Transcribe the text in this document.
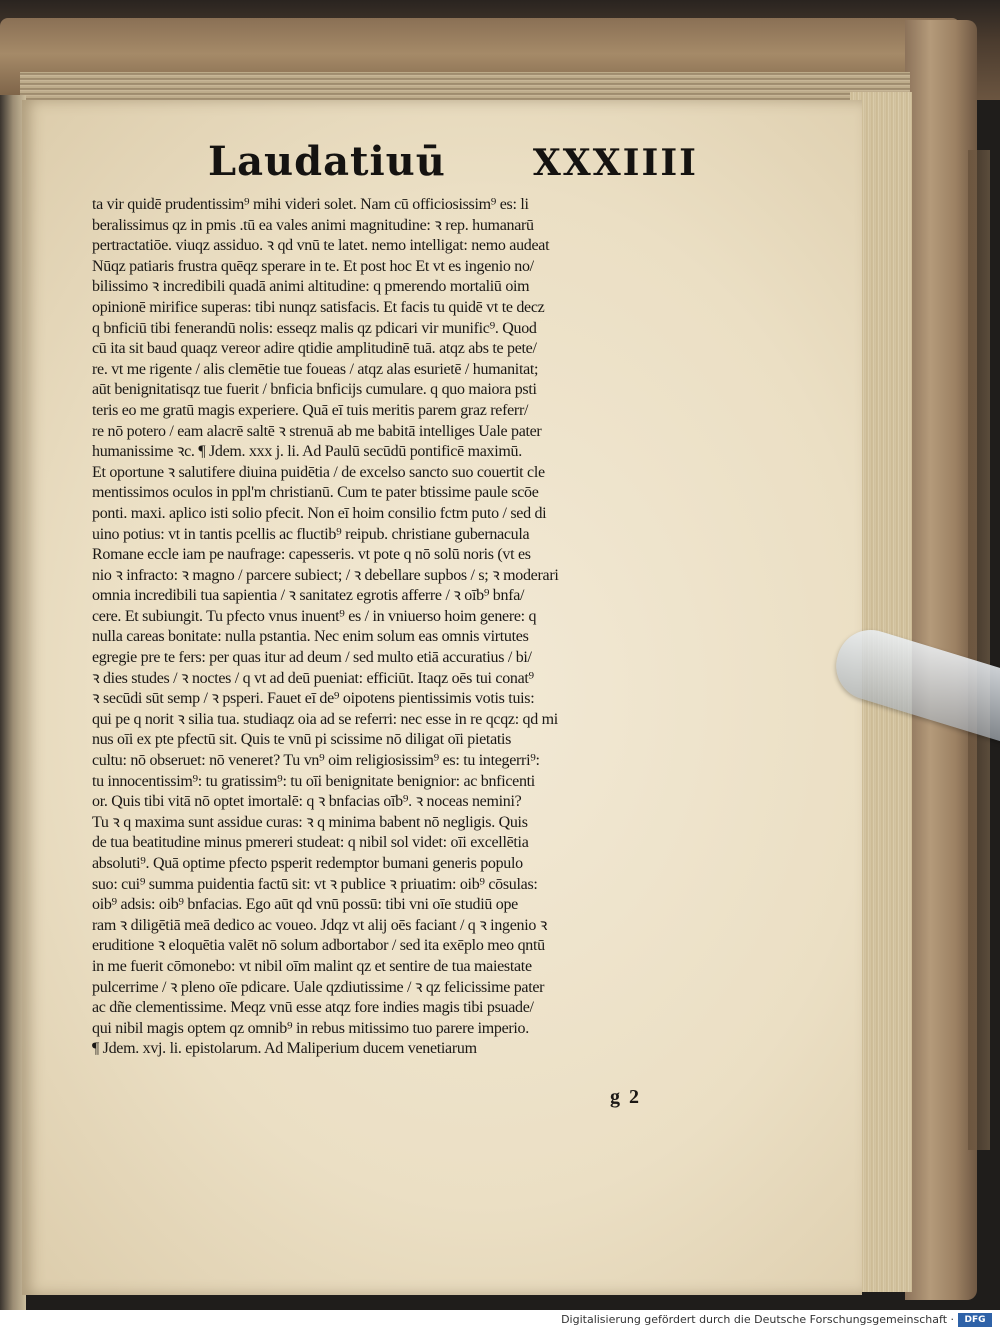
Laudatiuū XXXIIII
ta vir quidē prudentissim⁹ mihi videri solet. Nam cū officiosissim⁹ es: li
beralissimus qz in pmis .tū ea vales animi magnitudine: ꝛ rep. humanarū
pertractatiōe. viuqz assiduo. ꝛ qd vnū te latet. nemo intelligat: nemo audeat
Nūqz patiaris frustra quēqz sperare in te. Et post hoc Et vt es ingenio no/
bilissimo ꝛ incredibili quadā animi altitudine: q pmerendo mortaliū oim
opinionē mirifice superas: tibi nunqz satisfacis. Et facis tu quidē vt te decz
q bnficiū tibi fenerandū nolis: esseqz malis qz pdicari vir munific⁹. Quod
cū ita sit baud quaqz vereor adire qtidie amplitudinē tuā. atqz abs te pete/
re. vt me rigente / alis clemētie tue foueas / atqz alas esurietē / humanitat;
aūt benignitatisqz tue fuerit / bnficia bnficijs cumulare. q quo maiora psti
teris eo me gratū magis experiere. Quā eī tuis meritis parem graz referr/
re nō potero / eam alacrē saltē ꝛ strenuā ab me babitā intelliges Uale pater
humanissime ꝛc. ¶ Jdem. xxx j. li. Ad Paulū secūdū pontificē maximū.
Et oportune ꝛ salutifere diuina puidētia / de excelso sancto suo couertit cle
mentissimos oculos in ppl'm christianū. Cum te pater btissime paule scōe
ponti. maxi. aplico isti solio pfecit. Non eī hoim consilio fctm puto / sed di
uino potius: vt in tantis pcellis ac fluctib⁹ reipub. christiane gubernacula
Romane eccle iam pe naufrage: capesseris. vt pote q nō solū noris (vt es
nio ꝛ infracto: ꝛ magno / parcere subiect; / ꝛ debellare supbos / s; ꝛ moderari
omnia incredibili tua sapientia / ꝛ sanitatez egrotis afferre / ꝛ oīb⁹ bnfa/
cere. Et subiungit. Tu pfecto vnus inuent⁹ es / in vniuerso hoim genere: q
nulla careas bonitate: nulla pstantia. Nec enim solum eas omnis virtutes
egregie pre te fers: per quas itur ad deum / sed multo etiā accuratius / bi/
ꝛ dies studes / ꝛ noctes / q vt ad deū pueniat: efficiūt. Itaqz oēs tui conat⁹
ꝛ secūdi sūt semp / ꝛ psperi. Fauet eī de⁹ oipotens pientissimis votis tuis:
qui pe q norit ꝛ silia tua. studiaqz oia ad se referri: nec esse in re qcqz: qd mi
nus oīi ex pte pfectū sit. Quis te vnū pi scissime nō diligat oīi pietatis
cultu: nō obseruet: nō veneret? Tu vn⁹ oim religiosissim⁹ es: tu integerri⁹:
tu innocentissim⁹: tu gratissim⁹: tu oīi benignitate benignior: ac bnficenti
or. Quis tibi vitā nō optet imortalē: q ꝛ bnfacias oīb⁹. ꝛ noceas nemini?
Tu ꝛ q maxima sunt assidue curas: ꝛ q minima babent nō negligis. Quis
de tua beatitudine minus pmereri studeat: q nibil sol videt: oīi excellētia
absoluti⁹. Quā optime pfecto psperit redemptor bumani generis populo
suo: cui⁹ summa puidentia factū sit: vt ꝛ publice ꝛ priuatim: oib⁹ cōsulas:
oib⁹ adsis: oib⁹ bnfacias. Ego aūt qd vnū possū: tibi vni oīe studiū ope
ram ꝛ diligētiā meā dedico ac voueo. Jdqz vt alij oēs faciant / q ꝛ ingenio ꝛ
eruditione ꝛ eloquētia valēt nō solum adbortabor / sed ita exēplo meo qntū
in me fuerit cōmonebo: vt nibil oīm malint qz et sentire de tua maiestate
pulcerrime / ꝛ pleno oīe pdicare. Uale qzdiutissime / ꝛ qz felicissime pater
ac dñe clementissime. Meqz vnū esse atqz fore indies magis tibi psuade/
qui nibil magis optem qz omnib⁹ in rebus mitissimo tuo parere imperio.
¶ Jdem. xvj. li. epistolarum. Ad Maliperium ducem venetiarum
g 2
Digitalisierung gefördert durch die Deutsche Forschungsgemeinschaft ·	DFG
